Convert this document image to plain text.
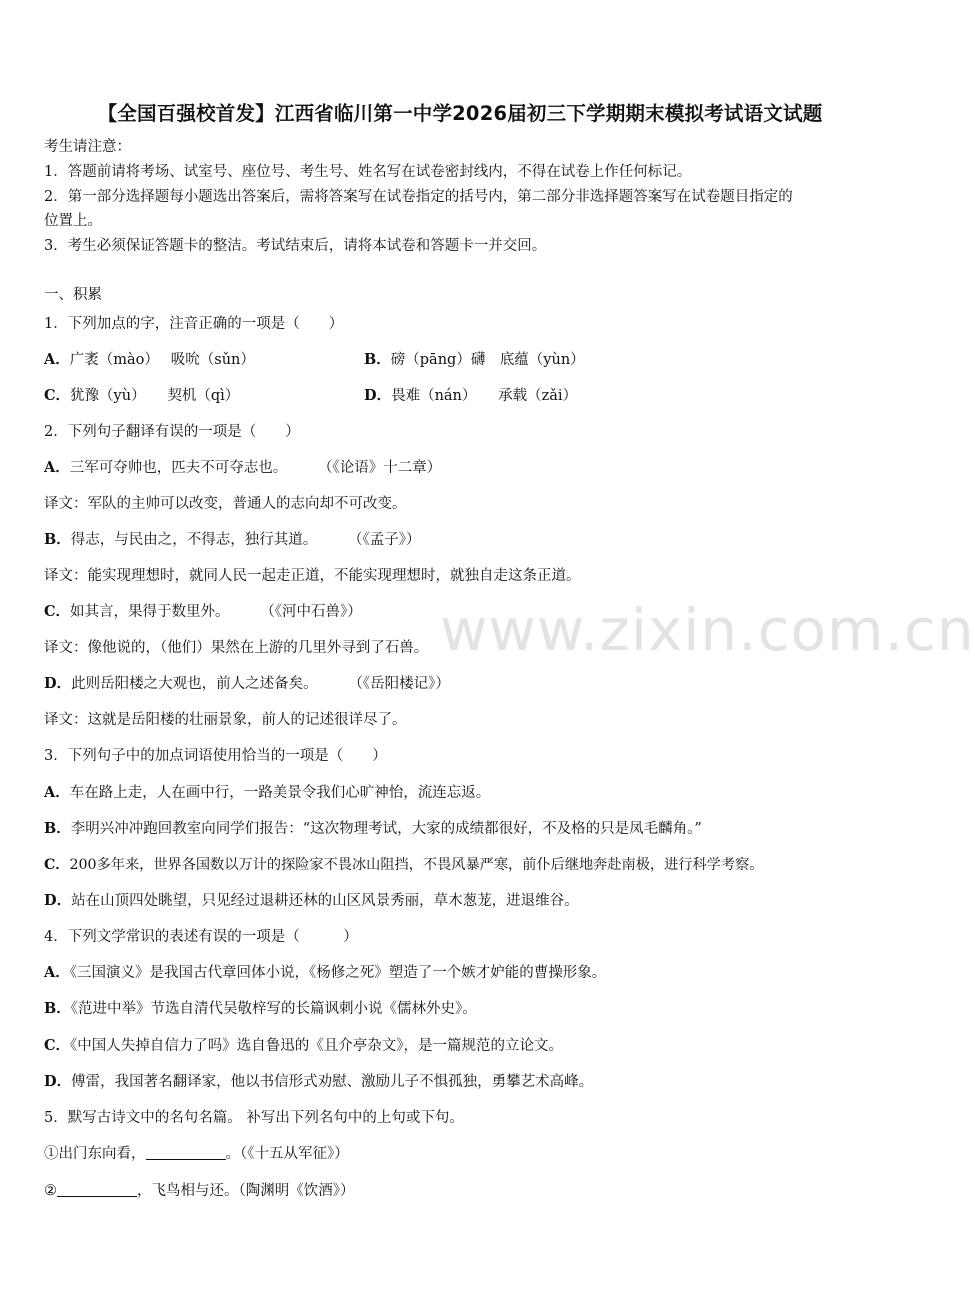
www.zixin.com.cn
【全国百强校首发】江西省临川第一中学2026届初三下学期期末模拟考试语文试题
考生请注意：
1．答题前请将考场、试室号、座位号、考生号、姓名写在试卷密封线内，不得在试卷上作任何标记。
2．第一部分选择题每小题选出答案后，需将答案写在试卷指定的括号内，第二部分非选择题答案写在试卷题目指定的
位置上。
3．考生必须保证答题卡的整洁。考试结束后，请将本试卷和答题卡一并交回。
一、积累
1．下列加点的字，注音正确的一项是（　　）
A．广袤（mào）　 吸吮（sǔn）	B．磅（pāng）礴　底蕴（yùn）
C．犹豫（yù）　　契机（qì）	D．畏难（nán）　　承载（zǎi）
2．下列句子翻译有误的一项是（　　）
A．三军可夺帅也，匹夫不可夺志也。	（《论语》十二章）
译文：军队的主帅可以改变，普通人的志向却不可改变。
B．得志，与民由之，不得志，独行其道。	（《孟子》）
译文：能实现理想时，就同人民一起走正道，不能实现理想时，就独自走这条正道。
C．如其言，果得于数里外。	（《河中石兽》）
译文：像他说的，（他们）果然在上游的几里外寻到了石兽。
D．此则岳阳楼之大观也，前人之述备矣。	（《岳阳楼记》）
译文：这就是岳阳楼的壮丽景象，前人的记述很详尽了。
3．下列句子中的加点词语使用恰当的一项是（　　）
A．车在路上走，人在画中行，一路美景令我们心旷神怡，流连忘返。
B．李明兴冲冲跑回教室向同学们报告：“这次物理考试，大家的成绩都很好，不及格的只是凤毛麟角。”
C．200多年来，世界各国数以万计的探险家不畏冰山阻挡，不畏风暴严寒，前仆后继地奔赴南极，进行科学考察。
D．站在山顶四处眺望，只见经过退耕还林的山区风景秀丽，草木葱茏，进退维谷。
4．下列文学常识的表述有误的一项是（　　　）
A．《三国演义》是我国古代章回体小说，《杨修之死》塑造了一个嫉才妒能的曹操形象。
B．《范进中举》节选自清代吴敬梓写的长篇讽刺小说《儒林外史》。
C．《中国人失掉自信力了吗》选自鲁迅的《且介亭杂文》，是一篇规范的立论文。
D．傅雷，我国著名翻译家，他以书信形式劝慰、激励儿子不惧孤独，勇攀艺术高峰。
5．默写古诗文中的名句名篇。 补写出下列名句中的上句或下句。
①出门东向看，	。（《十五从军征》）
②	，飞鸟相与还。（陶渊明《饮酒》）
